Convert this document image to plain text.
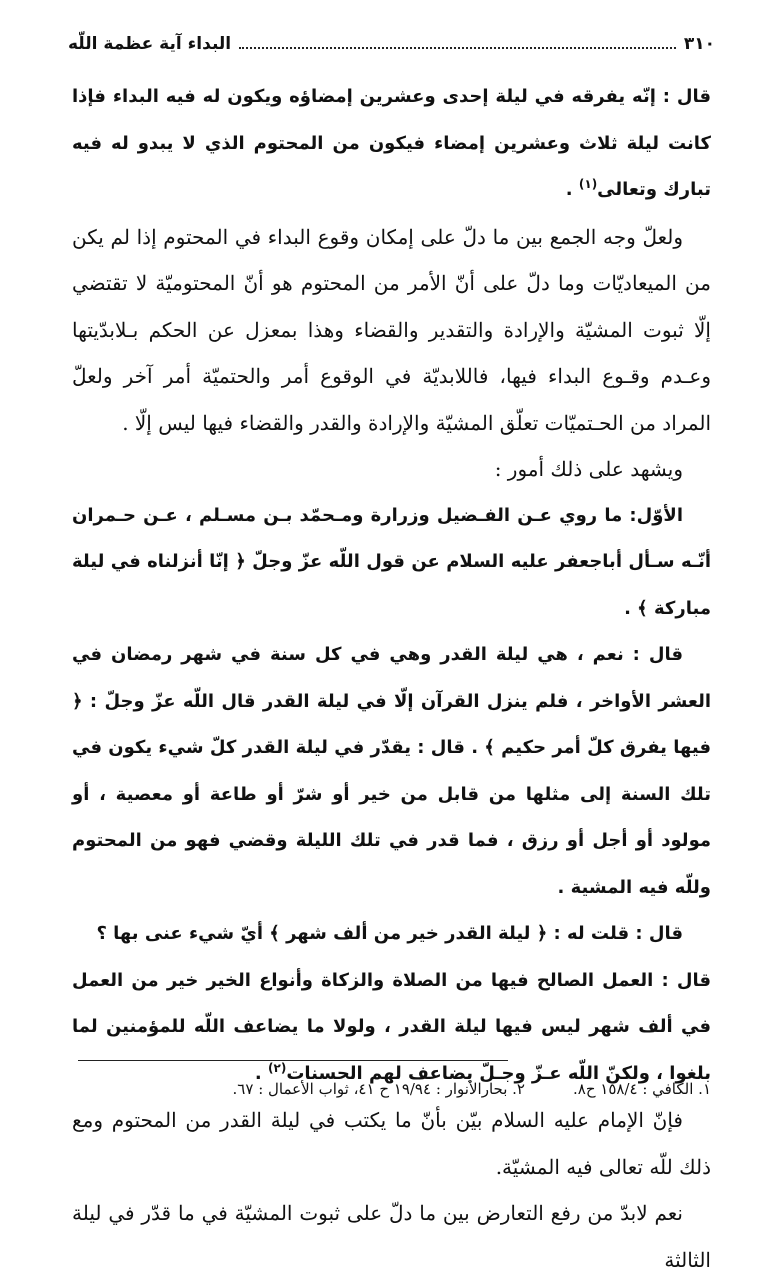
٣١٠
البداء آية عظمة اللّه

قال : إنّه يفرقه في ليلة إحدى وعشرين إمضاؤه ويكون له فيه البداء فإذا كانت ليلة ثلاث وعشرين إمضاء فيكون من المحتوم الذي لا يبدو له فيه تبارك وتعالى$^{(١)}$ .

ولعلّ وجه الجمع بين ما دلّ على إمكان وقوع البداء في المحتوم إذا لم يكن من الميعاديّات وما دلّ على أنّ الأمر من المحتوم هو أنّ المحتوميّة لا تقتضي إلّا ثبوت المشيّة والإرادة والتقدير والقضاء وهذا بمعزل عن الحكم بـلابدّيتها وعـدم وقـوع البداء فيها، فاللابديّة في الوقوع أمر والحتميّة أمر آخر ولعلّ المراد من الحـتميّات تعلّق المشيّة والإرادة والقدر والقضاء فيها ليس إلّا .

ويشهد على ذلك أمور :

الأوّل: ما روي عـن الفـضيل وزرارة ومـحمّد بـن مسـلم ، عـن حـمران أنّـه سـأل أباجعفر عليه السلام عن قول اللّه عزّ وجلّ ﴿ إنّا أنزلناه في ليلة مباركة ﴾ .

قال : نعم ، هي ليلة القدر وهي في كل سنة في شهر رمضان في العشر الأواخر ، فلم ينزل القرآن إلّا في ليلة القدر قال اللّه عزّ وجلّ : ﴿ فيها يفرق كلّ أمر حكيم ﴾ . قال : يقدّر في ليلة القدر كلّ شيء يكون في تلك السنة إلى مثلها من قابل من خير أو شرّ أو طاعة أو معصية ، أو مولود أو أجل أو رزق ، فما قدر في تلك الليلة وقضي فهو من المحتوم وللّه فيه المشية .

قال : قلت له : ﴿ ليلة القدر خير من ألف شهر ﴾ أيّ شيء عنى بها ؟

قال : العمل الصالح فيها من الصلاة والزكاة وأنواع الخير خير من العمل في ألف شهر ليس فيها ليلة القدر ، ولولا ما يضاعف اللّه للمؤمنين لما بلغوا ، ولكنّ اللّه عـزّ وجـلّ يضاعف لهم الحسنات$^{(٢)}$ .

فإنّ الإمام عليه السلام بيّن بأنّ ما يكتب في ليلة القدر من المحتوم ومع ذلك للّه تعالى فيه المشيّة.

نعم لابدّ من رفع التعارض بين ما دلّ على ثبوت المشيّة في ما قدّر في ليلة الثالثة

١. الكافي : ١٥٨/٤ ح٨.
٢. بحارالأنوار : ١٩/٩٤ ح ٤١، ثواب الأعمال : ٦٧.
